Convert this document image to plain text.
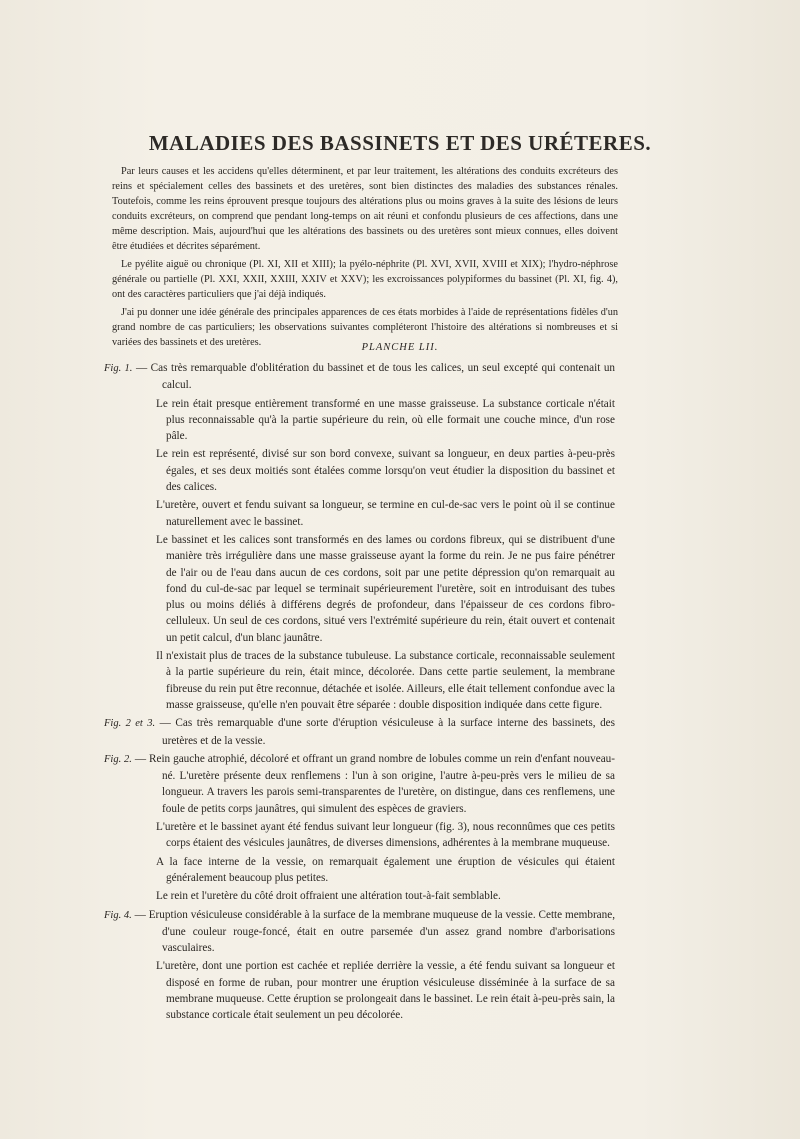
MALADIES DES BASSINETS ET DES URÉTERES.

Par leurs causes et les accidens qu'elles déterminent, et par leur traitement, les altérations des conduits excréteurs des reins et spécialement celles des bassinets et des uretères, sont bien distinctes des maladies des substances rénales. Toutefois, comme les reins éprouvent presque toujours des altérations plus ou moins graves à la suite des lésions de leurs conduits excréteurs, on comprend que pendant long-temps on ait réuni et confondu plusieurs de ces affections, dans une même description. Mais, aujourd'hui que les altérations des bassinets ou des uretères sont mieux connues, elles doivent être étudiées et décrites séparément.

Le pyélite aiguë ou chronique (Pl. XI, XII et XIII); la pyélo-néphrite (Pl. XVI, XVII, XVIII et XIX); l'hydro-néphrose générale ou partielle (Pl. XXI, XXII, XXIII, XXIV et XXV); les excroissances polypiformes du bassinet (Pl. XI, fig. 4), ont des caractères particuliers que j'ai déjà indiqués.

J'ai pu donner une idée générale des principales apparences de ces états morbides à l'aide de représentations fidèles d'un grand nombre de cas particuliers; les observations suivantes compléteront l'histoire des altérations si nombreuses et si variées des bassinets et des uretères.	PLANCHE LII.
Fig. 1. — Cas très remarquable d'oblitération du bassinet et de tous les calices, un seul excepté qui contenait un calcul.
Le rein était presque entièrement transformé en une masse graisseuse. La substance corticale n'était plus reconnaissable qu'à la partie supérieure du rein, où elle formait une couche mince, d'un rose pâle.
Le rein est représenté, divisé sur son bord convexe, suivant sa longueur, en deux parties à-peu-près égales, et ses deux moitiés sont étalées comme lorsqu'on veut étudier la disposition du bassinet et des calices.
L'uretère, ouvert et fendu suivant sa longueur, se termine en cul-de-sac vers le point où il se continue naturellement avec le bassinet.
Le bassinet et les calices sont transformés en des lames ou cordons fibreux, qui se distribuent d'une manière très irrégulière dans une masse graisseuse ayant la forme du rein. Je ne pus faire pénétrer de l'air ou de l'eau dans aucun de ces cordons, soit par une petite dépression qu'on remarquait au fond du cul-de-sac par lequel se terminait supérieurement l'uretère, soit en introduisant des tubes plus ou moins déliés à différens degrés de profondeur, dans l'épaisseur de ces cordons fibro-celluleux. Un seul de ces cordons, situé vers l'extrémité supérieure du rein, était ouvert et contenait un petit calcul, d'un blanc jaunâtre.
Il n'existait plus de traces de la substance tubuleuse. La substance corticale, reconnaissable seulement à la partie supérieure du rein, était mince, décolorée. Dans cette partie seulement, la membrane fibreuse du rein put être reconnue, détachée et isolée. Ailleurs, elle était tellement confondue avec la masse graisseuse, qu'elle n'en pouvait être séparée : double disposition indiquée dans cette figure.
Fig. 2 et 3. — Cas très remarquable d'une sorte d'éruption vésiculeuse à la surface interne des bassinets, des uretères et de la vessie.
Fig. 2. — Rein gauche atrophié, décoloré et offrant un grand nombre de lobules comme un rein d'enfant nouveau-né. L'uretère présente deux renflemens : l'un à son origine, l'autre à-peu-près vers le milieu de sa longueur. A travers les parois semi-transparentes de l'uretère, on distingue, dans ces renflemens, une foule de petits corps jaunâtres, qui simulent des espèces de graviers.
L'uretère et le bassinet ayant été fendus suivant leur longueur (fig. 3), nous reconnûmes que ces petits corps étaient des vésicules jaunâtres, de diverses dimensions, adhérentes à la membrane muqueuse.
A la face interne de la vessie, on remarquait également une éruption de vésicules qui étaient généralement beaucoup plus petites.
Le rein et l'uretère du côté droit offraient une altération tout-à-fait semblable.
Fig. 4. — Eruption vésiculeuse considérable à la surface de la membrane muqueuse de la vessie. Cette membrane, d'une couleur rouge-foncé, était en outre parsemée d'un assez grand nombre d'arborisations vasculaires.
L'uretère, dont une portion est cachée et repliée derrière la vessie, a été fendu suivant sa longueur et disposé en forme de ruban, pour montrer une éruption vésiculeuse disséminée à la surface de sa membrane muqueuse. Cette éruption se prolongeait dans le bassinet. Le rein était à-peu-près sain, la substance corticale était seulement un peu décolorée.
